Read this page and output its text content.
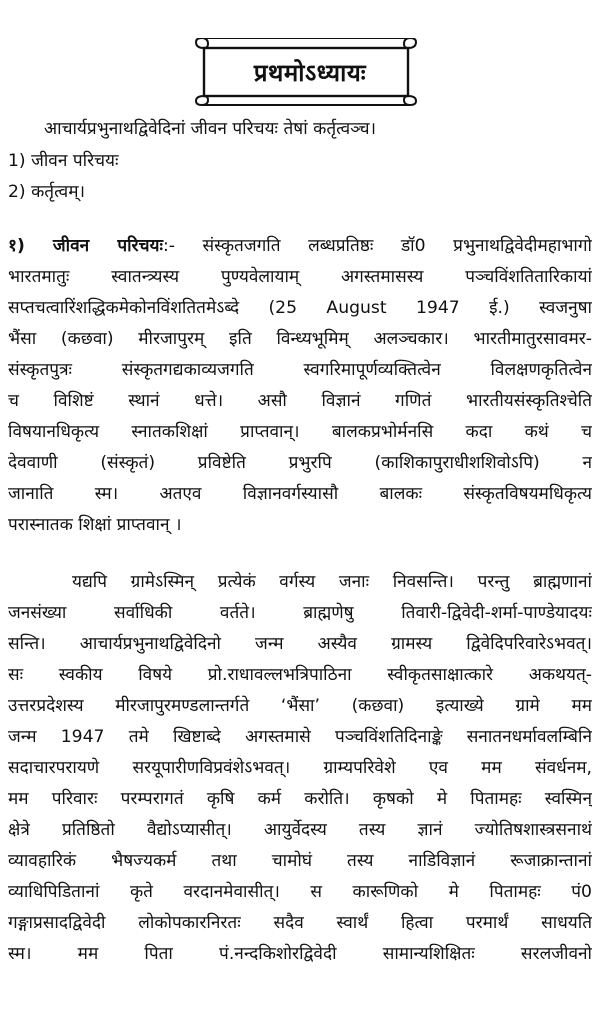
प्रथमोऽध्यायः
आचार्यप्रभुनाथद्विवेदिनां जीवन परिचयः तेषां कर्तृत्वञ्च।
1) जीवन परिचयः
2) कर्तृत्वम्।
१) जीवन परिचयः:- संस्कृतजगति लब्धप्रतिष्ठः डॉ0 प्रभुनाथद्विवेदीमहाभागो
भारतमातुः स्वातन्त्र्यस्य पुण्यवेलायाम् अगस्तमासस्य पञ्चविंशतितारिकायां
सप्तचत्वारिंशद्धिकमेकोनविंशतितमेऽब्दे (25 August 1947 ई.) स्वजनुषा
भैंसा (कछवा) मीरजापुरम् इति विन्ध्यभूमिम् अलञ्चकार। भारतीमातुरसावमर-
संस्कृतपुत्रः संस्कृतगद्यकाव्यजगति स्वगरिमापूर्णव्यक्तित्वेन विलक्षणकृतित्वेन
च विशिष्टं स्थानं धत्ते। असौ विज्ञानं गणितं भारतीयसंस्कृतिश्चेति
विषयानधिकृत्य स्नातकशिक्षां प्राप्तवान्। बालकप्रभोर्मनसि कदा कथं च
देववाणी (संस्कृतं) प्रविष्टेति प्रभुरपि (काशिकापुराधीशशिवोऽपि) न
जानाति स्म। अतएव विज्ञानवर्गस्यासौ बालकः संस्कृतविषयमधिकृत्य
परास्नातक शिक्षां प्राप्तवान् ।
यद्यपि ग्रामेऽस्मिन् प्रत्येकं वर्गस्य जनाः निवसन्ति। परन्तु ब्राह्मणानां
जनसंख्या सर्वाधिकी वर्तते। ब्राह्मणेषु तिवारी-द्विवेदी-शर्मा-पाण्डेयादयः
सन्ति। आचार्यप्रभुनाथद्विवेदिनो जन्म अस्यैव ग्रामस्य द्विवेदिपरिवारेऽभवत्।
सः स्वकीय विषये प्रो.राधावल्लभत्रिपाठिना स्वीकृतसाक्षात्कारे अकथयत्-
उत्तरप्रदेशस्य मीरजापुरमण्डलान्तर्गते ‘भैंसा’ (कछवा) इत्याख्ये ग्रामे मम
जन्म 1947 तमे खिष्टाब्दे अगस्तमासे पञ्चविंशतिदिनाङ्के सनातनधर्मावलम्बिनि
सदाचारपरायणे सरयूपारीणविप्रवंशेऽभवत्। ग्राम्यपरिवेशे एव मम संवर्धनम,
मम परिवारः परम्परागतं कृषि कर्म करोति। कृषको मे पितामहः स्वस्मिन्
क्षेत्रे प्रतिष्ठितो वैद्योऽप्यासीत्। आयुर्वेदस्य तस्य ज्ञानं ज्योतिषशास्त्रसनाथं
व्यावहारिकं भैषज्यकर्म तथा चामोघं तस्य नाडिविज्ञानं रूजाक्रान्तानां
व्याधिपिडितानां कृते वरदानमेवासीत्। स कारूणिको मे पितामहः पं0
गङ्गाप्रसादद्विवेदी लोकोपकारनिरतः सदैव स्वार्थं हित्वा परमार्थं साधयति
स्म। मम पिता पं.नन्दकिशोरद्विवेदी सामान्यशिक्षितः सरलजीवनो
